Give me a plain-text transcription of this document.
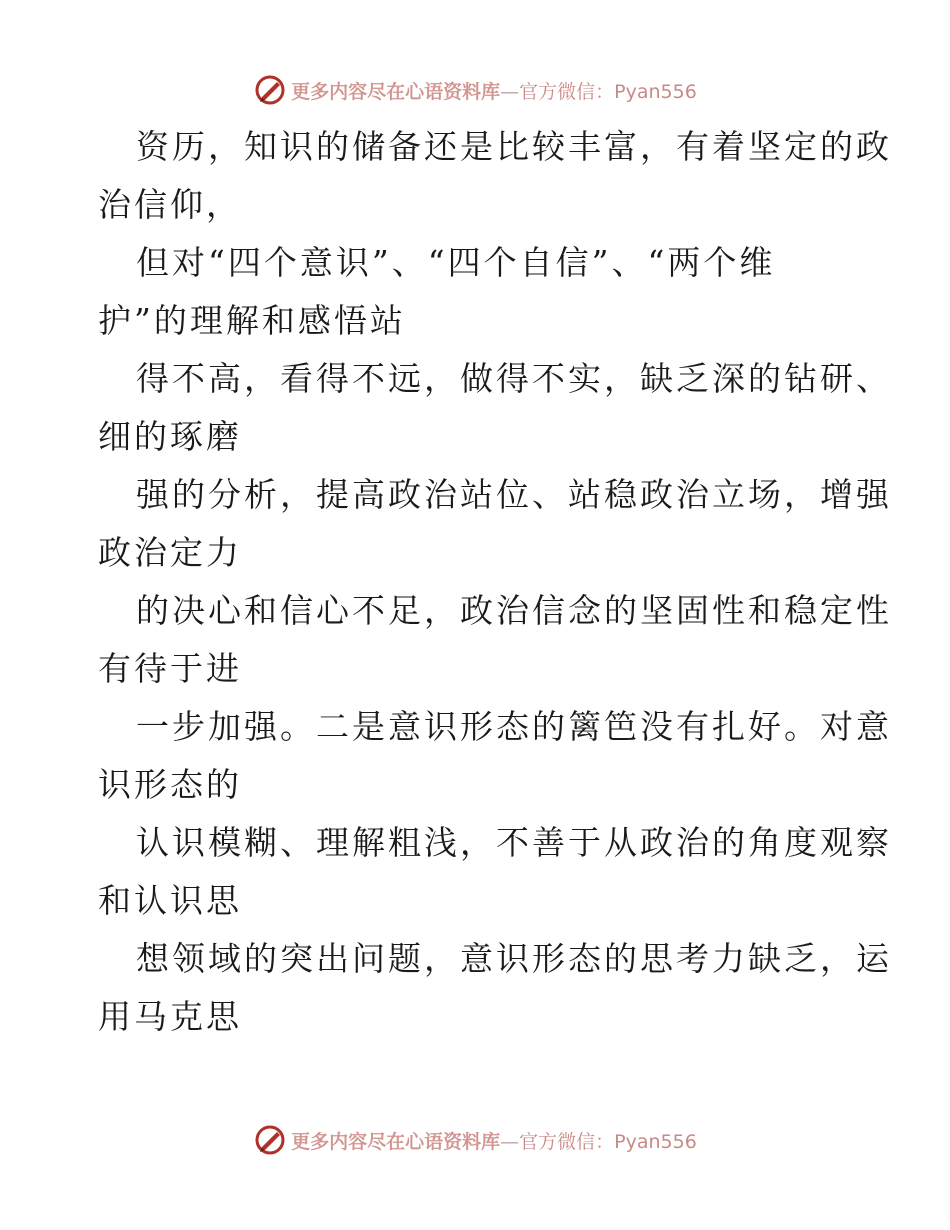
更多内容尽在心语资料库—官方微信：Pyan556
资历，知识的储备还是比较丰富，有着坚定的政
治信仰，
但对“四个意识”、“四个自信”、“两个维
护”的理解和感悟站
得不高，看得不远，做得不实，缺乏深的钻研、
细的琢磨
强的分析，提高政治站位、站稳政治立场，增强
政治定力
的决心和信心不足，政治信念的坚固性和稳定性
有待于进
一步加强。二是意识形态的篱笆没有扎好。对意
识形态的
认识模糊、理解粗浅，不善于从政治的角度观察
和认识思
想领域的突出问题，意识形态的思考力缺乏，运
用马克思
更多内容尽在心语资料库—官方微信：Pyan556
